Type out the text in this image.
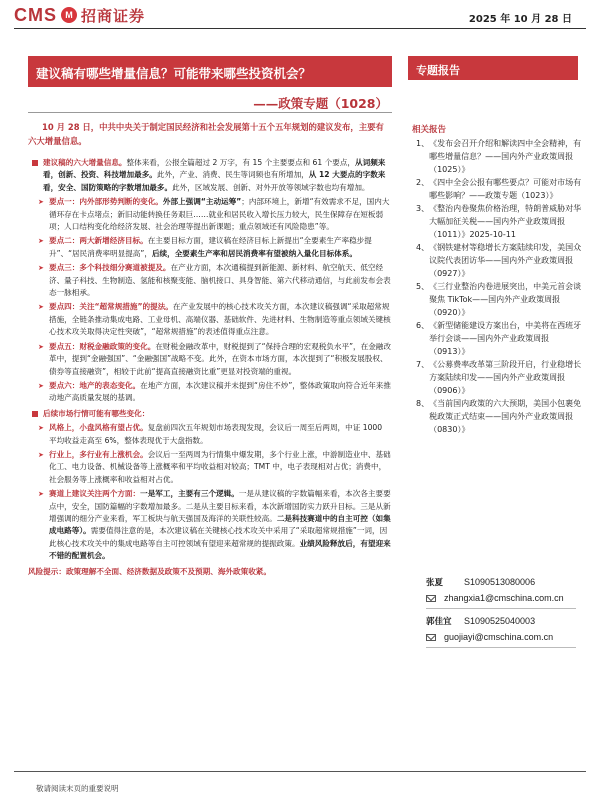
CMS M 招商证券	2025 年 10 月 28 日
建议稿有哪些增量信息？可能带来哪些投资机会？
——政策专题（1028）
专题报告
10 月 28 日，中共中央关于制定国民经济和社会发展第十五个五年规划的建议发布，主要有六大增量信息。
建议稿的六大增量信息。整体来看，公报全篇超过 2 万字，有 15 个主要要点和 61 个要点，从词频来看，创新、投资、科技增加最多。此外，产业、消费、民生等词频也有所增加，从 12 大要点的字数来看，安全、国防策略的字数增加最多。此外，区域发展、创新、对外开放等领域字数也均有增加。
➤ 要点一：内外部形势判断的变化。外部上强调“主动运筹”；内部环境上，新增“有效需求不足，国内大循环存在卡点堵点；新旧动能转换任务艰巨……就业和居民收入增长压力较大，民生保障存在短板弱项；人口结构变化给经济发展、社会治理等提出新课题；重点领域还有风险隐患”等。
➤ 要点二：两大新增经济目标。在主要目标方面，建议稿在经济目标上新提出“全要素生产率稳步提升”、“居民消费率明显提高”，后续，全要素生产率和居民消费率有望被纳入量化目标体系。
➤ 要点三：多个科技细分赛道被提及。在产业方面，本次通稿提到新能源、新材料、航空航天、低空经济、量子科技、生物制造、氢能和核聚变能、脑机接口、具身智能、第六代移动通信，与此前发布会表态一脉相承。
➤ 要点四：关注“超常规措施”的提法。在产业发展中的核心技术攻关方面，本次建议稿强调“采取超常规措施，全链条推动集成电路、工业母机、高端仪器、基础软件、先进材料、生物制造等重点领域关键核心技术攻关取得决定性突破”，“超常规措施”的表述值得重点注意。
➤ 要点五：财税金融政策的变化。在财税金融改革中，财税提到了“保持合理的宏观税负水平”，在金融改革中，提到“金融强国”、“金融强国”战略不变。此外，在资本市场方面，本次提到了“积极发展股权、债券等直接融资”，相较于此前“提高直接融资比重”更显对投资端的重视。
➤ 要点六：地产的表态变化。在地产方面，本次建议稿并未提到“房住不炒”，整体政策取向符合近年来推动地产高质量发展的基调。
后续市场行情可能有哪些变化：
➤ 风格上，小盘风格有望占优。复盘前四次五年规划市场表现发现，会议后一周至后两周，中证 1000 平均收益走高至 6%，整体表现优于大盘指数。
➤ 行业上，多行业有上涨机会。会议后一至两周为行情集中爆发期，多个行业上涨，中游制造业中、基础化工、电力设备、机械设备等上涨概率和平均收益相对较高；TMT 中，电子表现相对占优；消费中，社会服务等上涨概率和收益相对占优。
➤ 赛道上建议关注两个方面：一是军工，主要有三个逻辑。一是从建议稿的字数篇幅来看，本次各主要要点中，安全，国防篇幅的字数增加最多。二是从主要目标来看，本次新增国防实力跃升目标。三是从新增强调的细分产业来看，军工板块与航天强国及海洋的关联性较高。二是科技赛道中的自主可控（如集成电路等）。需要值得注意的是，本次建议稿在关键核心技术攻关中采用了“采取超常规措施”一词，因此核心技术攻关中的集成电路等自主可控领域有望迎来超常规的提振政策。业绩风险释放后，有望迎来不错的配置机会。
风险提示：政策理解不全面、经济数据及政策不及预期、海外政策收紧。
相关报告
1、 《发布会召开介绍和解读四中全会精神，有哪些增量信息？——国内外产业政策周报（1025）》
2、 《四中全会公报有哪些要点？可能对市场有哪些影响？——政策专题（1023）》
3、 《整治内卷聚焦价格治理，特朗普威胁对华大幅加征关税——国内外产业政策周报（1011）》2025-10-11
4、 《钢铁建材等稳增长方案陆续印发，美国众议院代表团访华——国内外产业政策周报（0927）》
5、 《三行业整治内卷进展突出，中美元首会谈聚焦 TikTok——国内外产业政策周报（0920）》
6、 《新型储能建设方案出台，中美将在西班牙举行会谈——国内外产业政策周报（0913）》
7、 《公募费率改革第三阶段开启，行业稳增长方案陆续印发——国内外产业政策周报（0906）》
8、 《当前国内政策的六大预期，美国小包裹免税政策正式结束——国内外产业政策周报（0830）》
张夏	S1090513080006
zhangxia1@cmschina.com.cn
郭佳宜	S1090525040003
guojiayi@cmschina.com.cn
敬请阅读末页的重要说明
